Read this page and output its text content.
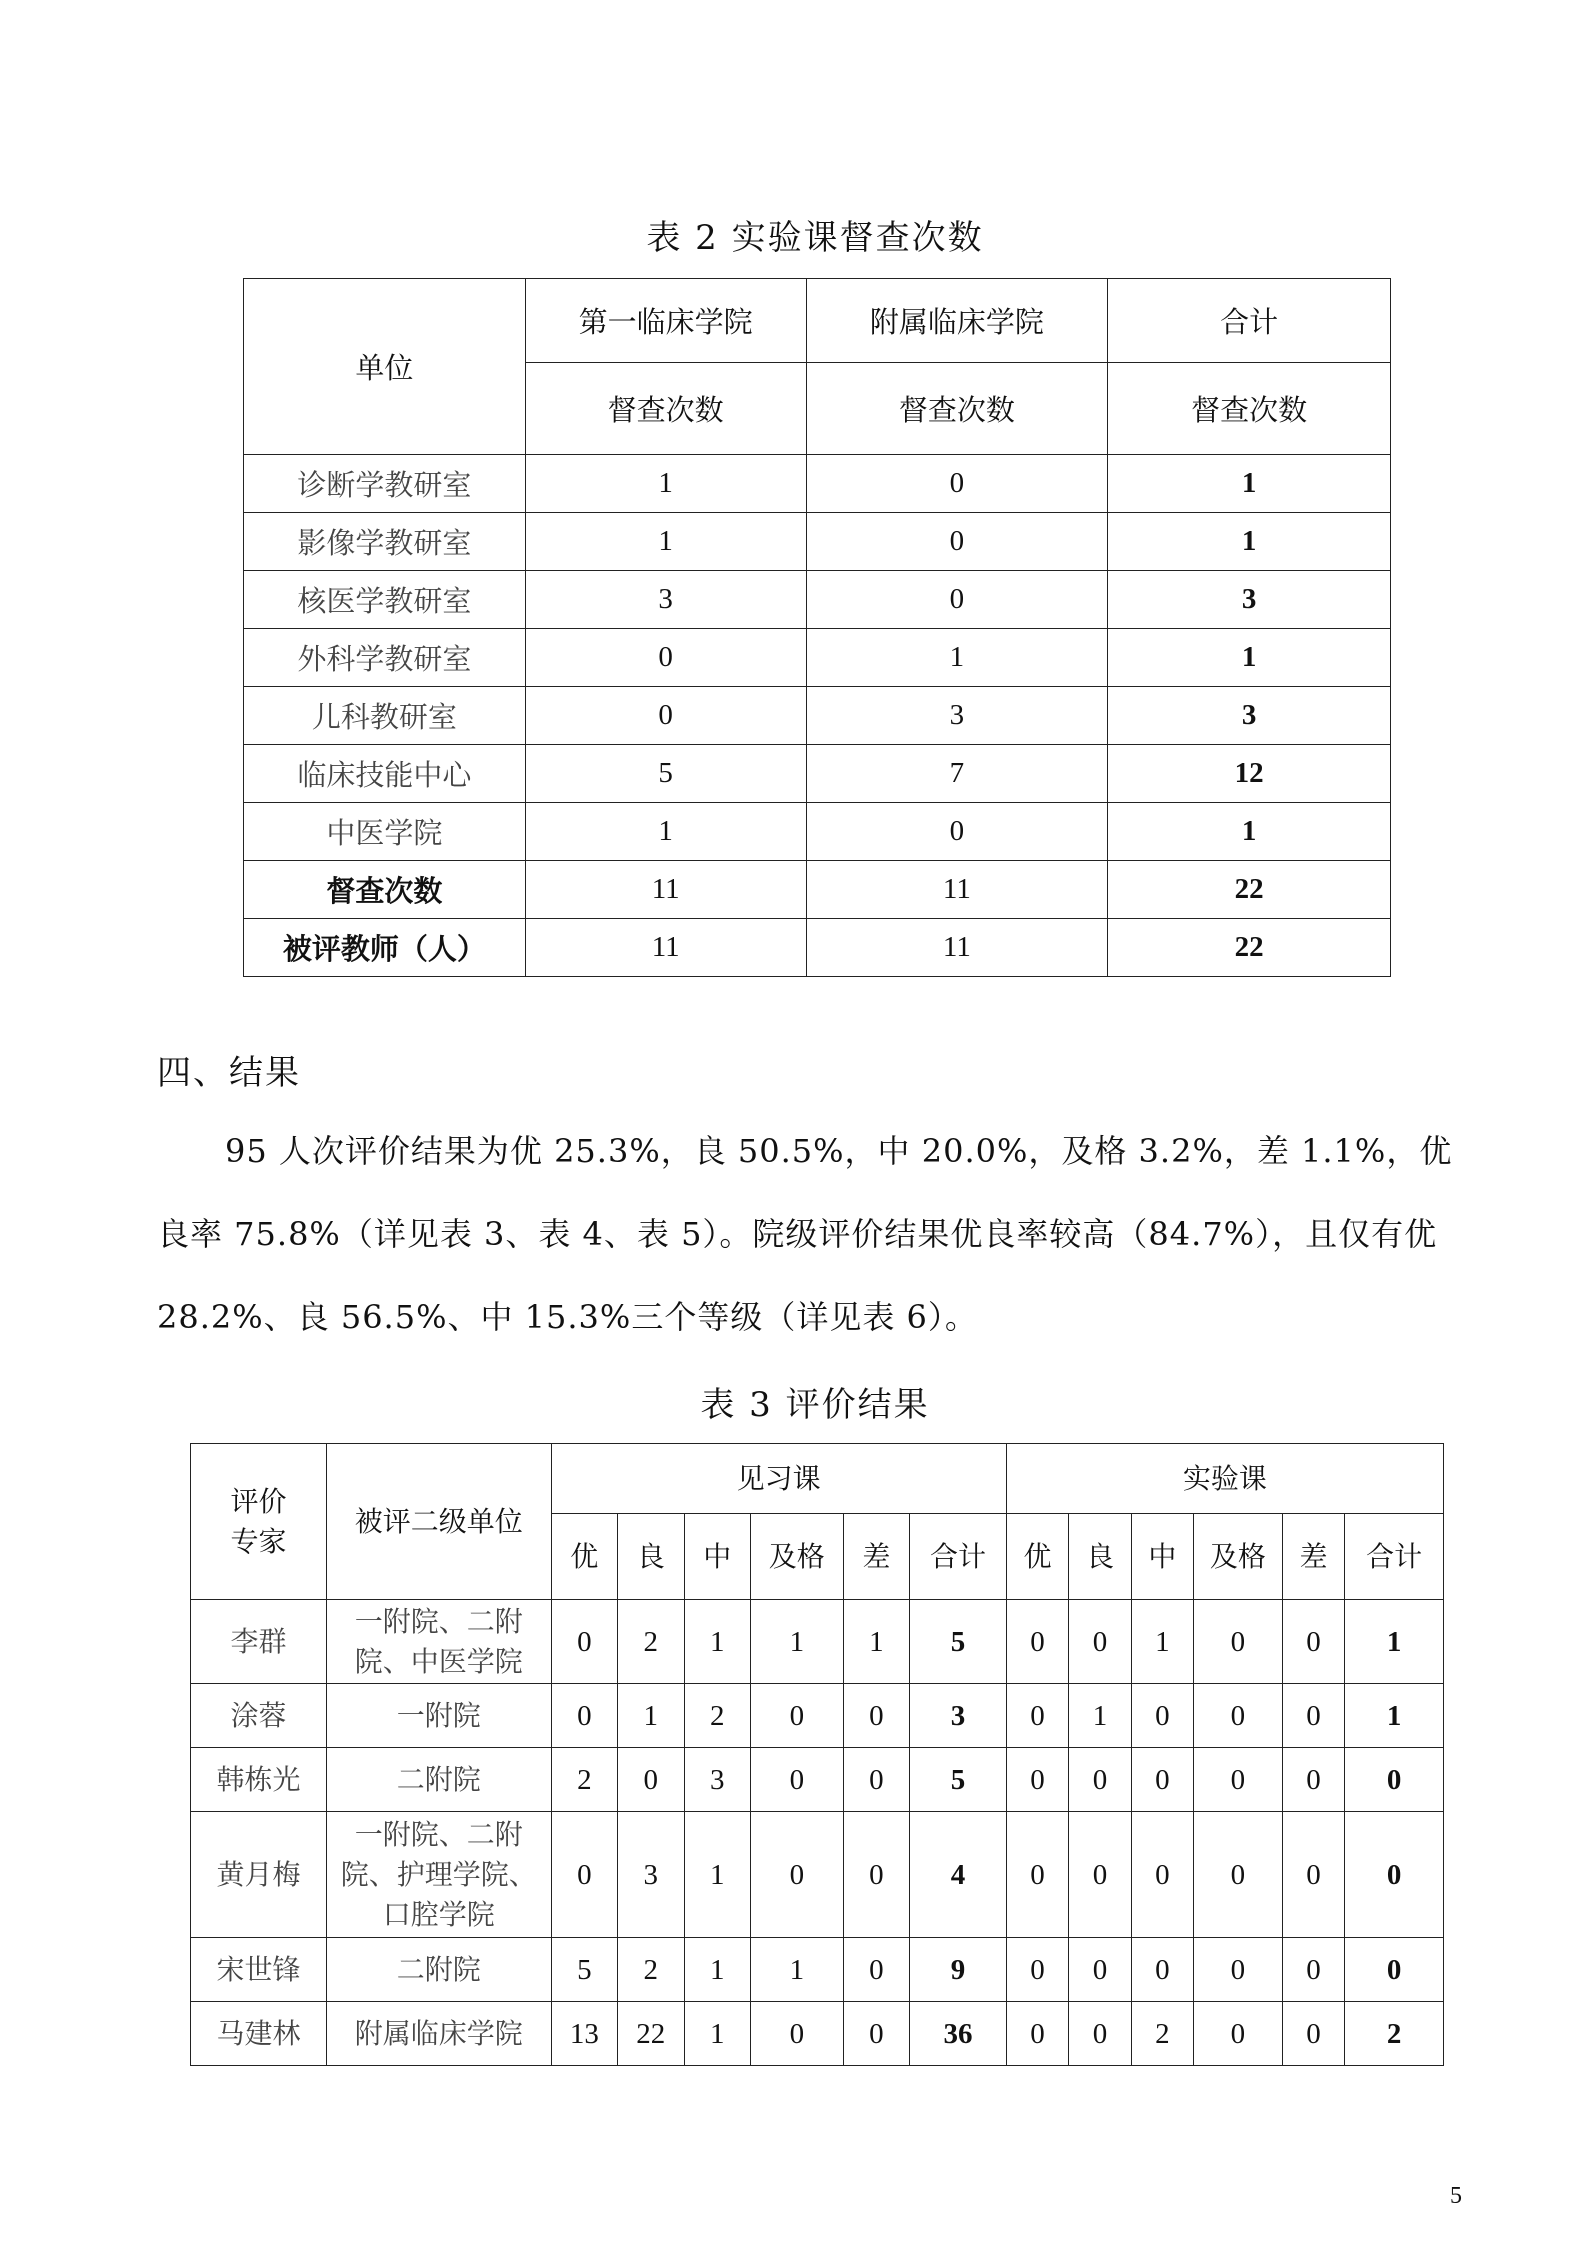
表 2 实验课督查次数
单位	第一临床学院	附属临床学院	合计
	督查次数	督查次数	督查次数
诊断学教研室	1	0	1
影像学教研室	1	0	1
核医学教研室	3	0	3
外科学教研室	0	1	1
儿科教研室	0	3	3
临床技能中心	5	7	12
中医学院	1	0	1
督查次数	11	11	22
被评教师（人）	11	11	22
四、结果
95 人次评价结果为优 25.3%，良 50.5%，中 20.0%，及格 3.2%，差 1.1%，优良率 75.8%（详见表 3、表 4、表 5）。院级评价结果优良率较高（84.7%），且仅有优 28.2%、良 56.5%、中 15.3%三个等级（详见表 6）。
表 3 评价结果
评价专家	被评二级单位	见习课						实验课					
		优	良	中	及格	差	合计	优	良	中	及格	差	合计
李群	一附院、二附院、中医学院	0	2	1	1	1	5	0	0	1	0	0	1
涂蓉	一附院	0	1	2	0	0	3	0	1	0	0	0	1
韩栋光	二附院	2	0	3	0	0	5	0	0	0	0	0	0
黄月梅	一附院、二附院、护理学院、口腔学院	0	3	1	0	0	4	0	0	0	0	0	0
宋世锋	二附院	5	2	1	1	0	9	0	0	0	0	0	0
马建林	附属临床学院	13	22	1	0	0	36	0	0	2	0	0	2
5
